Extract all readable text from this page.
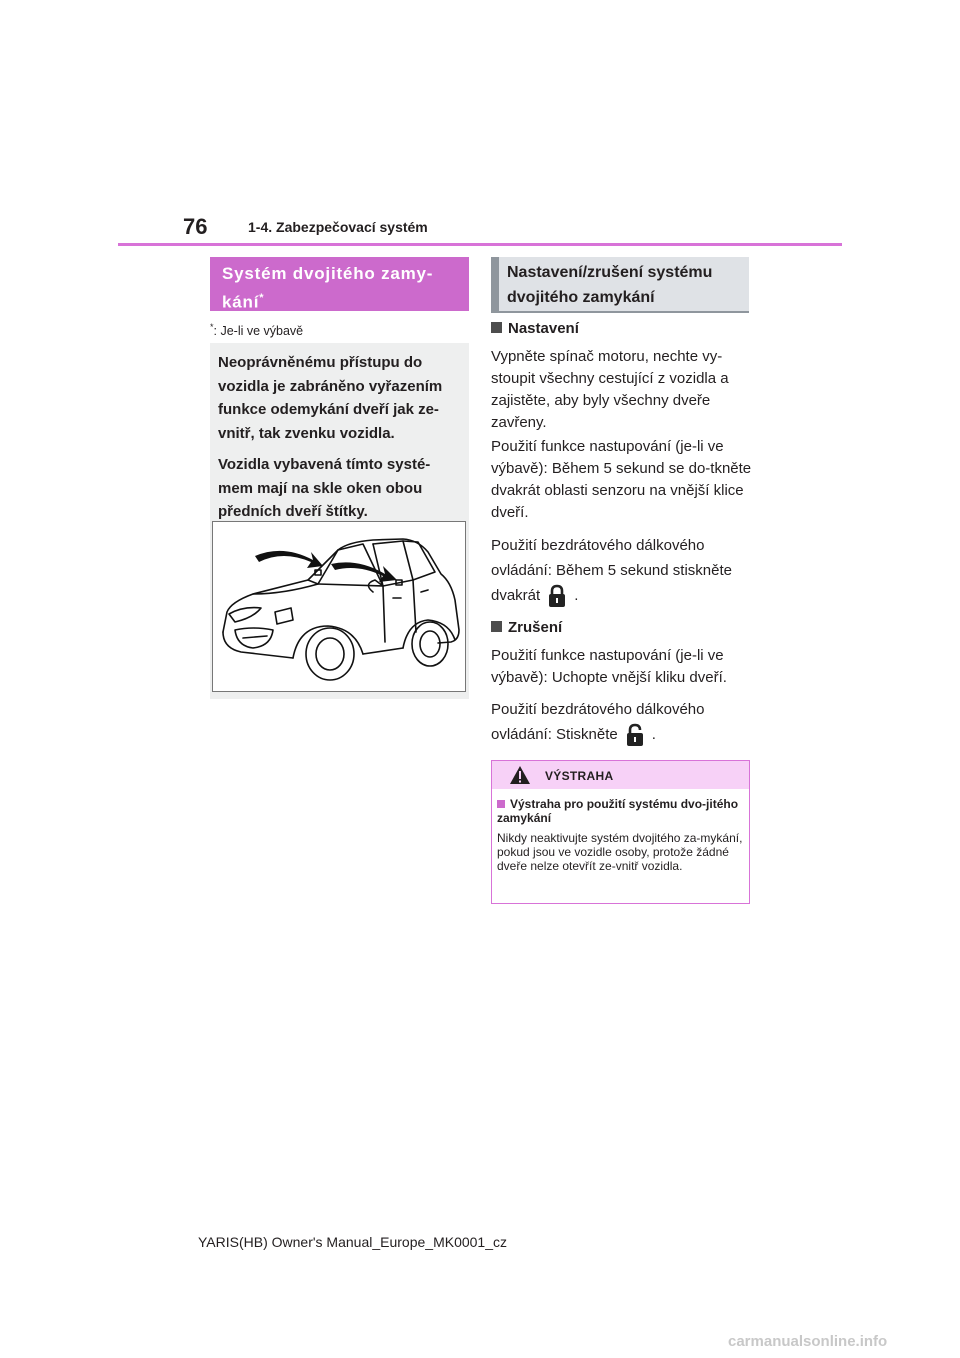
76	1-4. Zabezpečovací systém
Systém dvojitého zamy-
kání*
*: Je-li ve výbavě

Neoprávněnému přístupu do vozidla je zabráněno vyřazením funkce odemykání dveří jak ze-vnitř, tak zvenku vozidla.

Vozidla vybavená tímto systé-mem mají na skle oken obou předních dveří štítky.

Nastavení/zrušení systému
dvojitého zamykání
Nastavení
Vypněte spínač motoru, nechte vy-stoupit všechny cestující z vozidla a zajistěte, aby byly všechny dveře zavřeny.
Použití funkce nastupování (je-li ve výbavě): Během 5 sekund se do-tkněte dvakrát oblasti senzoru na vnější klice dveří.
Použití bezdrátového dálkového ovládání: Během 5 sekund stiskněte dvakrát .
Zrušení
Použití funkce nastupování (je-li ve výbavě): Uchopte vnější kliku dveří.
Použití bezdrátového dálkového ovládání: Stiskněte .
VÝSTRAHA
Výstraha pro použití systému dvo-jitého zamykání
Nikdy neaktivujte systém dvojitého za-mykání, pokud jsou ve vozidle osoby, protože žádné dveře nelze otevřít ze-vnitř vozidla.
YARIS(HB) Owner's Manual_Europe_MK0001_cz
carmanualsonline.info
